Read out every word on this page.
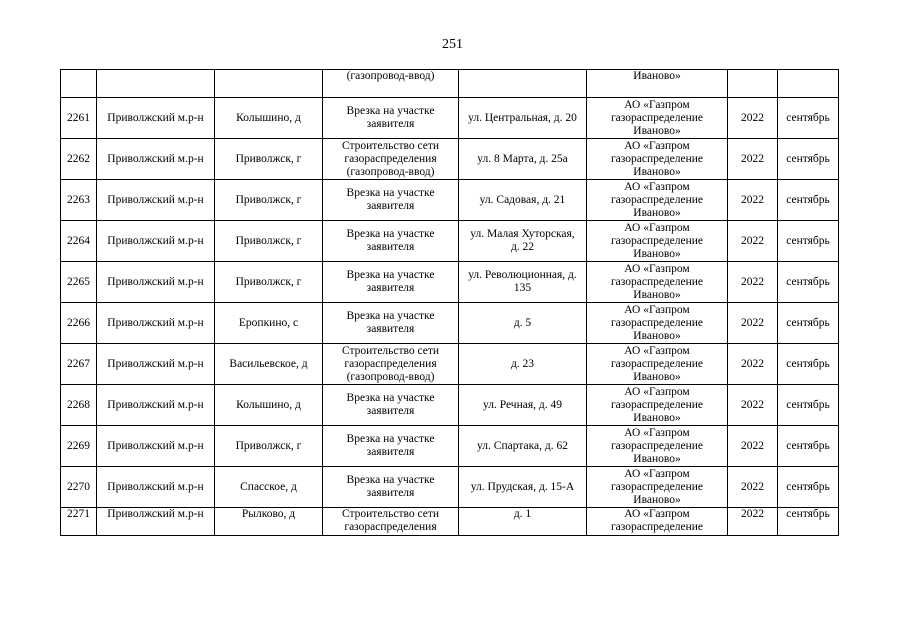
251

			(газопровод-ввод)		Иваново»		

2261	Приволжский м.р-н	Колышино, д	Врезка на участке
заявителя	ул. Центральная, д. 20	АО «Газпром
газораспределение
Иваново»	2022	сентябрь

2262	Приволжский м.р-н	Приволжск, г	Строительство сети
газораспределения
(газопровод-ввод)	ул. 8 Марта, д. 25а	АО «Газпром
газораспределение
Иваново»	2022	сентябрь

2263	Приволжский м.р-н	Приволжск, г	Врезка на участке
заявителя	ул. Садовая, д. 21	АО «Газпром
газораспределение
Иваново»	2022	сентябрь

2264	Приволжский м.р-н	Приволжск, г	Врезка на участке
заявителя	ул. Малая Хуторская,
д. 22	АО «Газпром
газораспределение
Иваново»	2022	сентябрь

2265	Приволжский м.р-н	Приволжск, г	Врезка на участке
заявителя	ул. Революционная, д.
135	АО «Газпром
газораспределение
Иваново»	2022	сентябрь

2266	Приволжский м.р-н	Еропкино, с	Врезка на участке
заявителя	д. 5	АО «Газпром
газораспределение
Иваново»	2022	сентябрь

2267	Приволжский м.р-н	Васильевское, д	Строительство сети
газораспределения
(газопровод-ввод)	д. 23	АО «Газпром
газораспределение
Иваново»	2022	сентябрь

2268	Приволжский м.р-н	Колышино, д	Врезка на участке
заявителя	ул. Речная, д. 49	АО «Газпром
газораспределение
Иваново»	2022	сентябрь

2269	Приволжский м.р-н	Приволжск, г	Врезка на участке
заявителя	ул. Спартака, д. 62	АО «Газпром
газораспределение
Иваново»	2022	сентябрь

2270	Приволжский м.р-н	Спасское, д	Врезка на участке
заявителя	ул. Прудская, д. 15-А	АО «Газпром
газораспределение
Иваново»	2022	сентябрь

2271	Приволжский м.р-н	Рылково, д	Строительство сети
газораспределения	д. 1	АО «Газпром
газораспределение	2022	сентябрь
